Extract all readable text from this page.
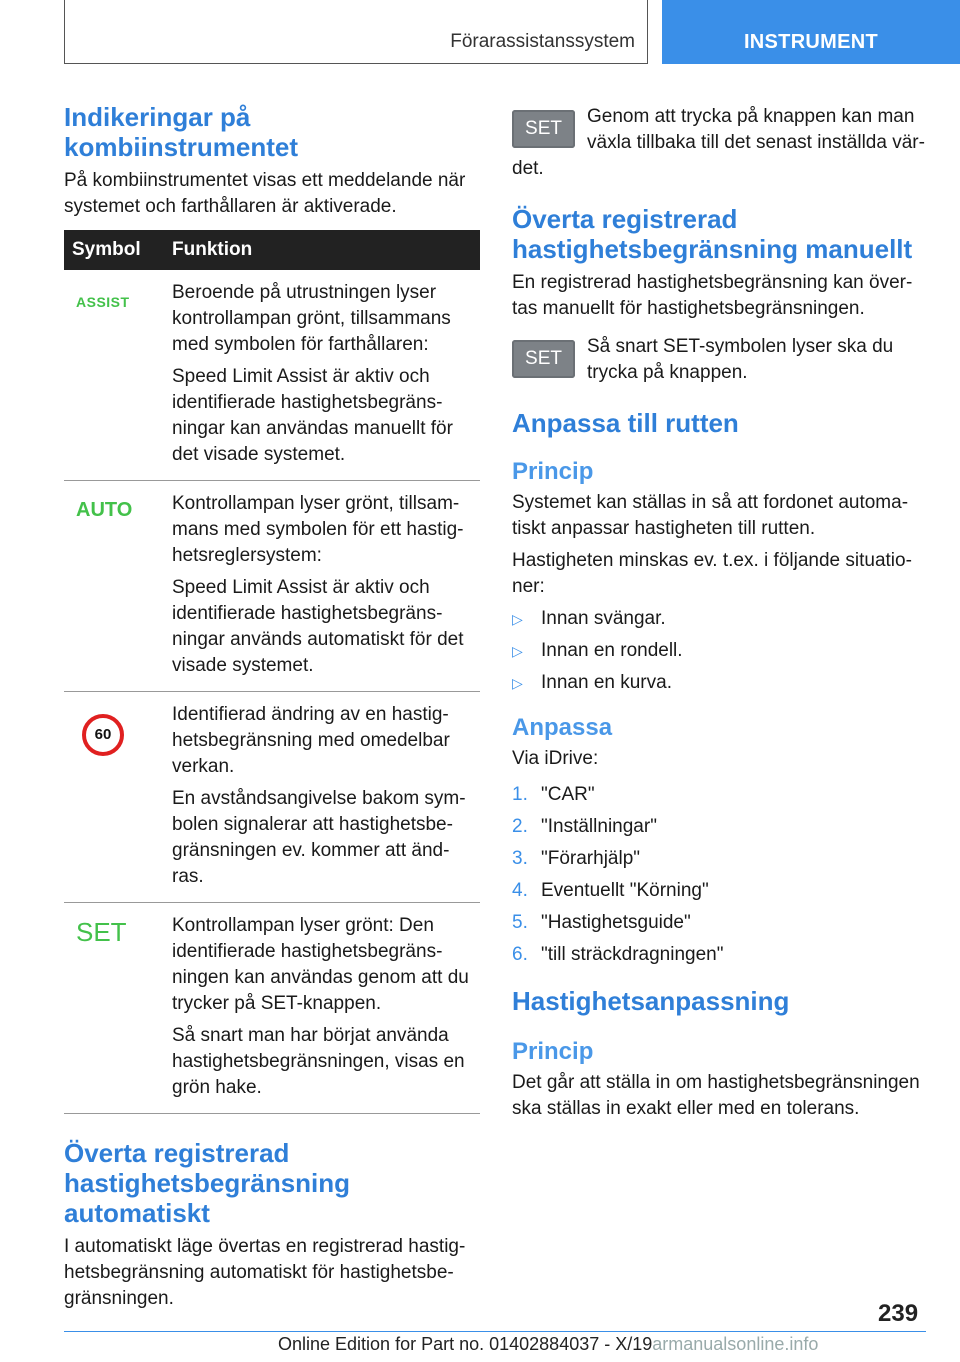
Förarassistanssystem	INSTRUMENT
Indikeringar på kombiinstrumentet

På kombiinstrumentet visas ett meddelande när systemet och farthållaren är aktiverade.

Symbol	Funktion

ASSIST	Beroende på utrustningen lyser kontrollampan grönt, tillsammans med symbolen för farthållaren:

Speed Limit Assist är aktiv och identifierade hastighetsbegränsningar kan användas manuellt för det visade systemet.

AUTO	Kontrollampan lyser grönt, tillsammans med symbolen för ett hastighetsreglersystem:

Speed Limit Assist är aktiv och identifierade hastighetsbegränsningar används automatiskt för det visade systemet.

60	Identifierad ändring av en hastighetsbegränsning med omedelbar verkan.

En avståndsangivelse bakom symbolen signalerar att hastighetsbegränsningen ev. kommer att ändras.

SET	Kontrollampan lyser grönt: Den identifierade hastighetsbegränsningen kan användas genom att du trycker på SET-knappen.

Så snart man har börjat använda hastighetsbegränsningen, visas en grön hake.

Överta registrerad hastighetsbegränsning automatiskt

I automatiskt läge övertas en registrerad hastighetsbegränsning automatiskt för hastighetsbegränsningen.

SET

Genom att trycka på knappen kan man växla tillbaka till det senast inställda värdet.

Överta registrerad hastighetsbegränsning manuellt

En registrerad hastighetsbegränsning kan övertas manuellt för hastighetsbegränsningen.

SET

Så snart SET-symbolen lyser ska du trycka på knappen.

Anpassa till rutten
Princip

Systemet kan ställas in så att fordonet automatiskt anpassar hastigheten till rutten.

Hastigheten minskas ev. t.ex. i följande situationer:

▷ Innan svängar.
▷ Innan en rondell.
▷ Innan en kurva.
Anpassa

Via iDrive:

1. "CAR"
2. "Inställningar"
3. "Förarhjälp"
4. Eventuellt "Körning"
5. "Hastighetsguide"
6. "till sträckdragningen"
Hastighetsanpassning
Princip

Det går att ställa in om hastighetsbegränsningen ska ställas in exakt eller med en tolerans.

239
Online Edition for Part no. 01402884037 - X/19armanualsonline.info
